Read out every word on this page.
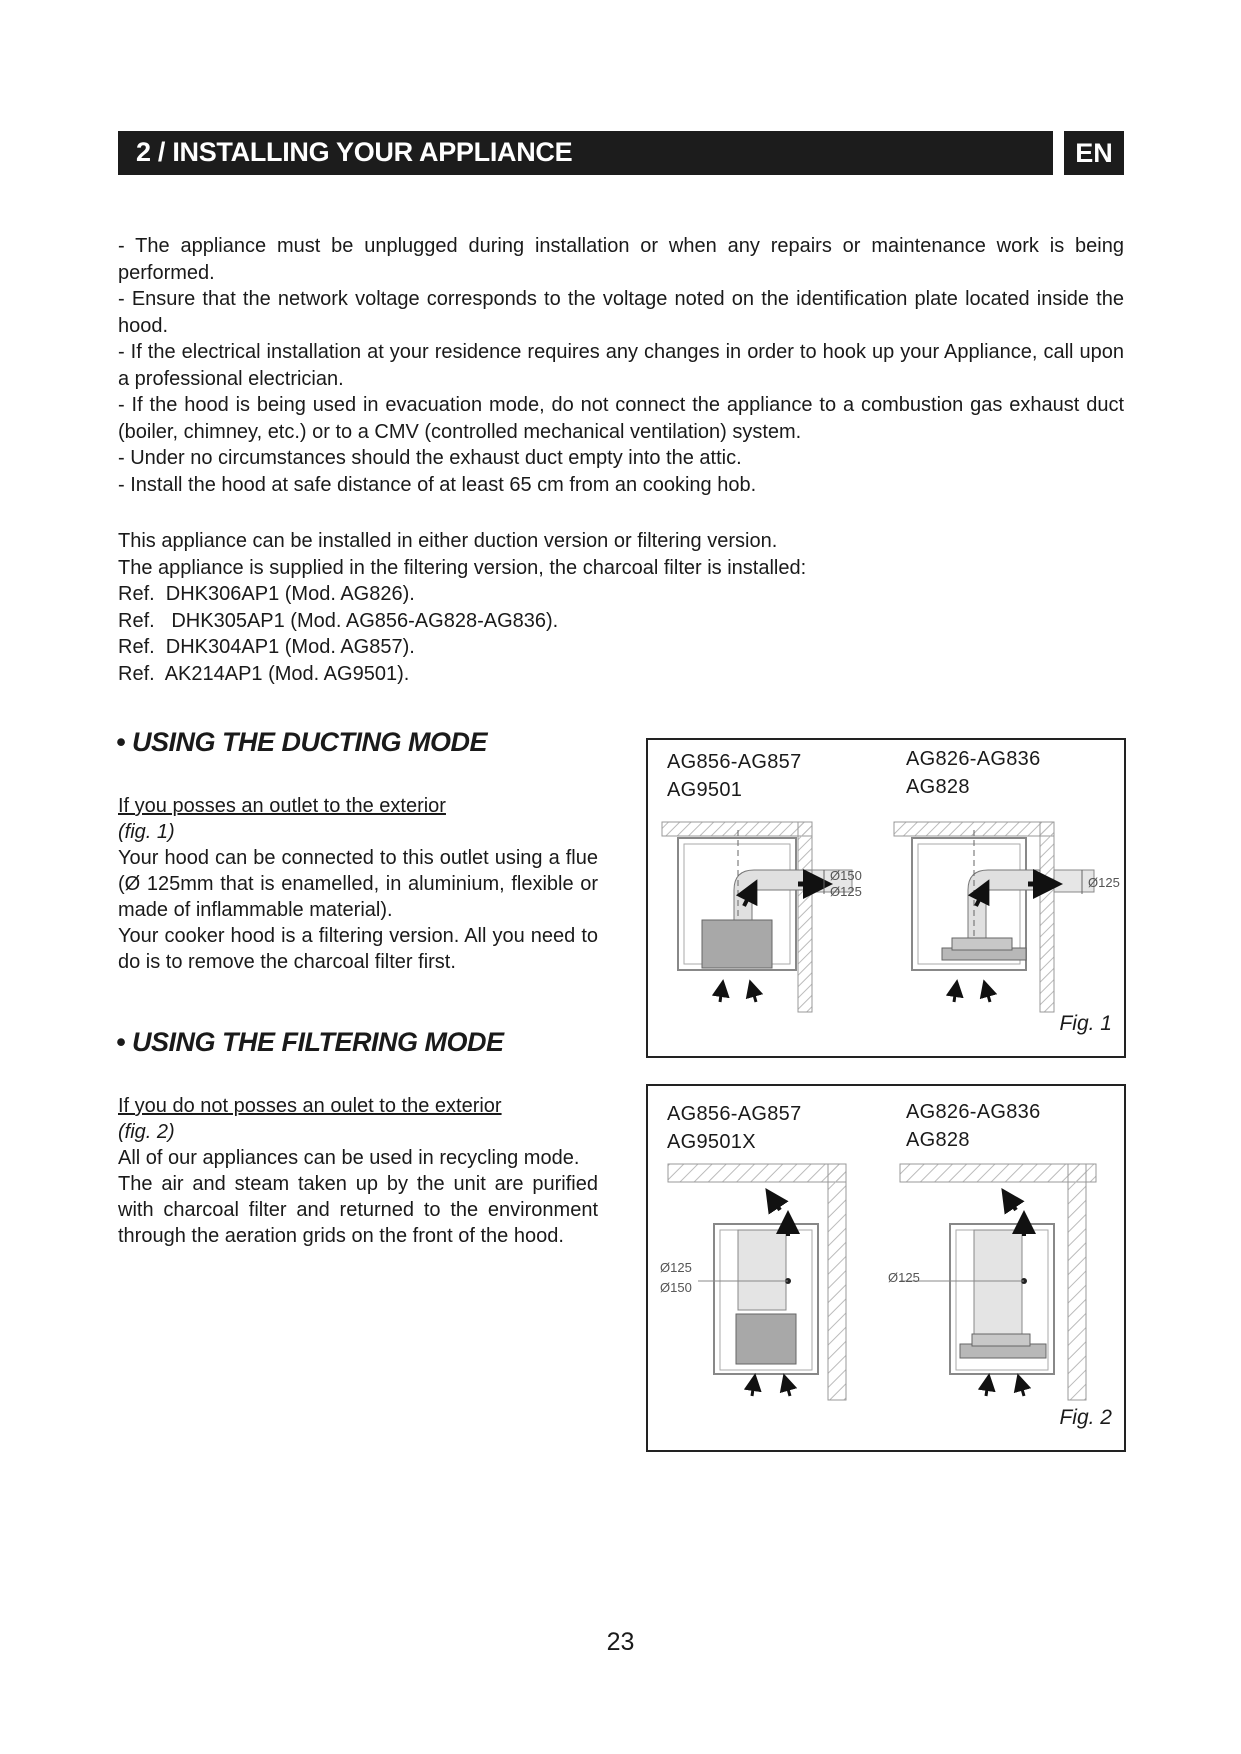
2 / INSTALLING YOUR APPLIANCE	EN

- The appliance must be unplugged during installation or when any repairs or maintenance work is being performed.

- Ensure that the network voltage corresponds to the voltage noted on the identification plate located inside the hood.

- If the electrical installation at your residence requires any changes in order to hook up your Appliance, call upon a professional electrician.

- If the hood is being used in evacuation mode, do not connect the appliance to a combustion gas exhaust duct (boiler, chimney, etc.) or to a CMV (controlled mechanical ventilation) system.

- Under no circumstances should the exhaust duct empty into the attic.

- Install the hood at safe distance of at least 65 cm from an cooking hob.

This appliance can be installed in either duction version or filtering version.

The appliance is supplied in the filtering version, the charcoal filter is installed:

Ref.  DHK306AP1 (Mod. AG826).

Ref.   DHK305AP1 (Mod. AG856-AG828-AG836).

Ref.  DHK304AP1 (Mod. AG857).

Ref.  AK214AP1 (Mod. AG9501).

• USING THE DUCTING MODE

If you posses an outlet to the exterior

(fig. 1)

Your hood can be connected to this outlet using a flue (Ø 125mm that is enamelled, in aluminium, flexible or made of inflammable material).

Your cooker hood is a filtering version. All you need to do is to remove the charcoal filter first.

• USING THE FILTERING MODE

If you do not posses an oulet to the exterior

(fig. 2)

All of our appliances can be used in recycling mode.

The air and steam taken up by the unit are purified with charcoal filter and returned to the environment through the aeration grids on the front of the hood.

Ø150
Ø125
Ø125
AG856-AG857
AG9501
AG826-AG836
AG828
Fig. 1
Ø125
Ø150
Ø125
AG856-AG857
AG9501X
AG826-AG836
AG828
Fig. 2
23
